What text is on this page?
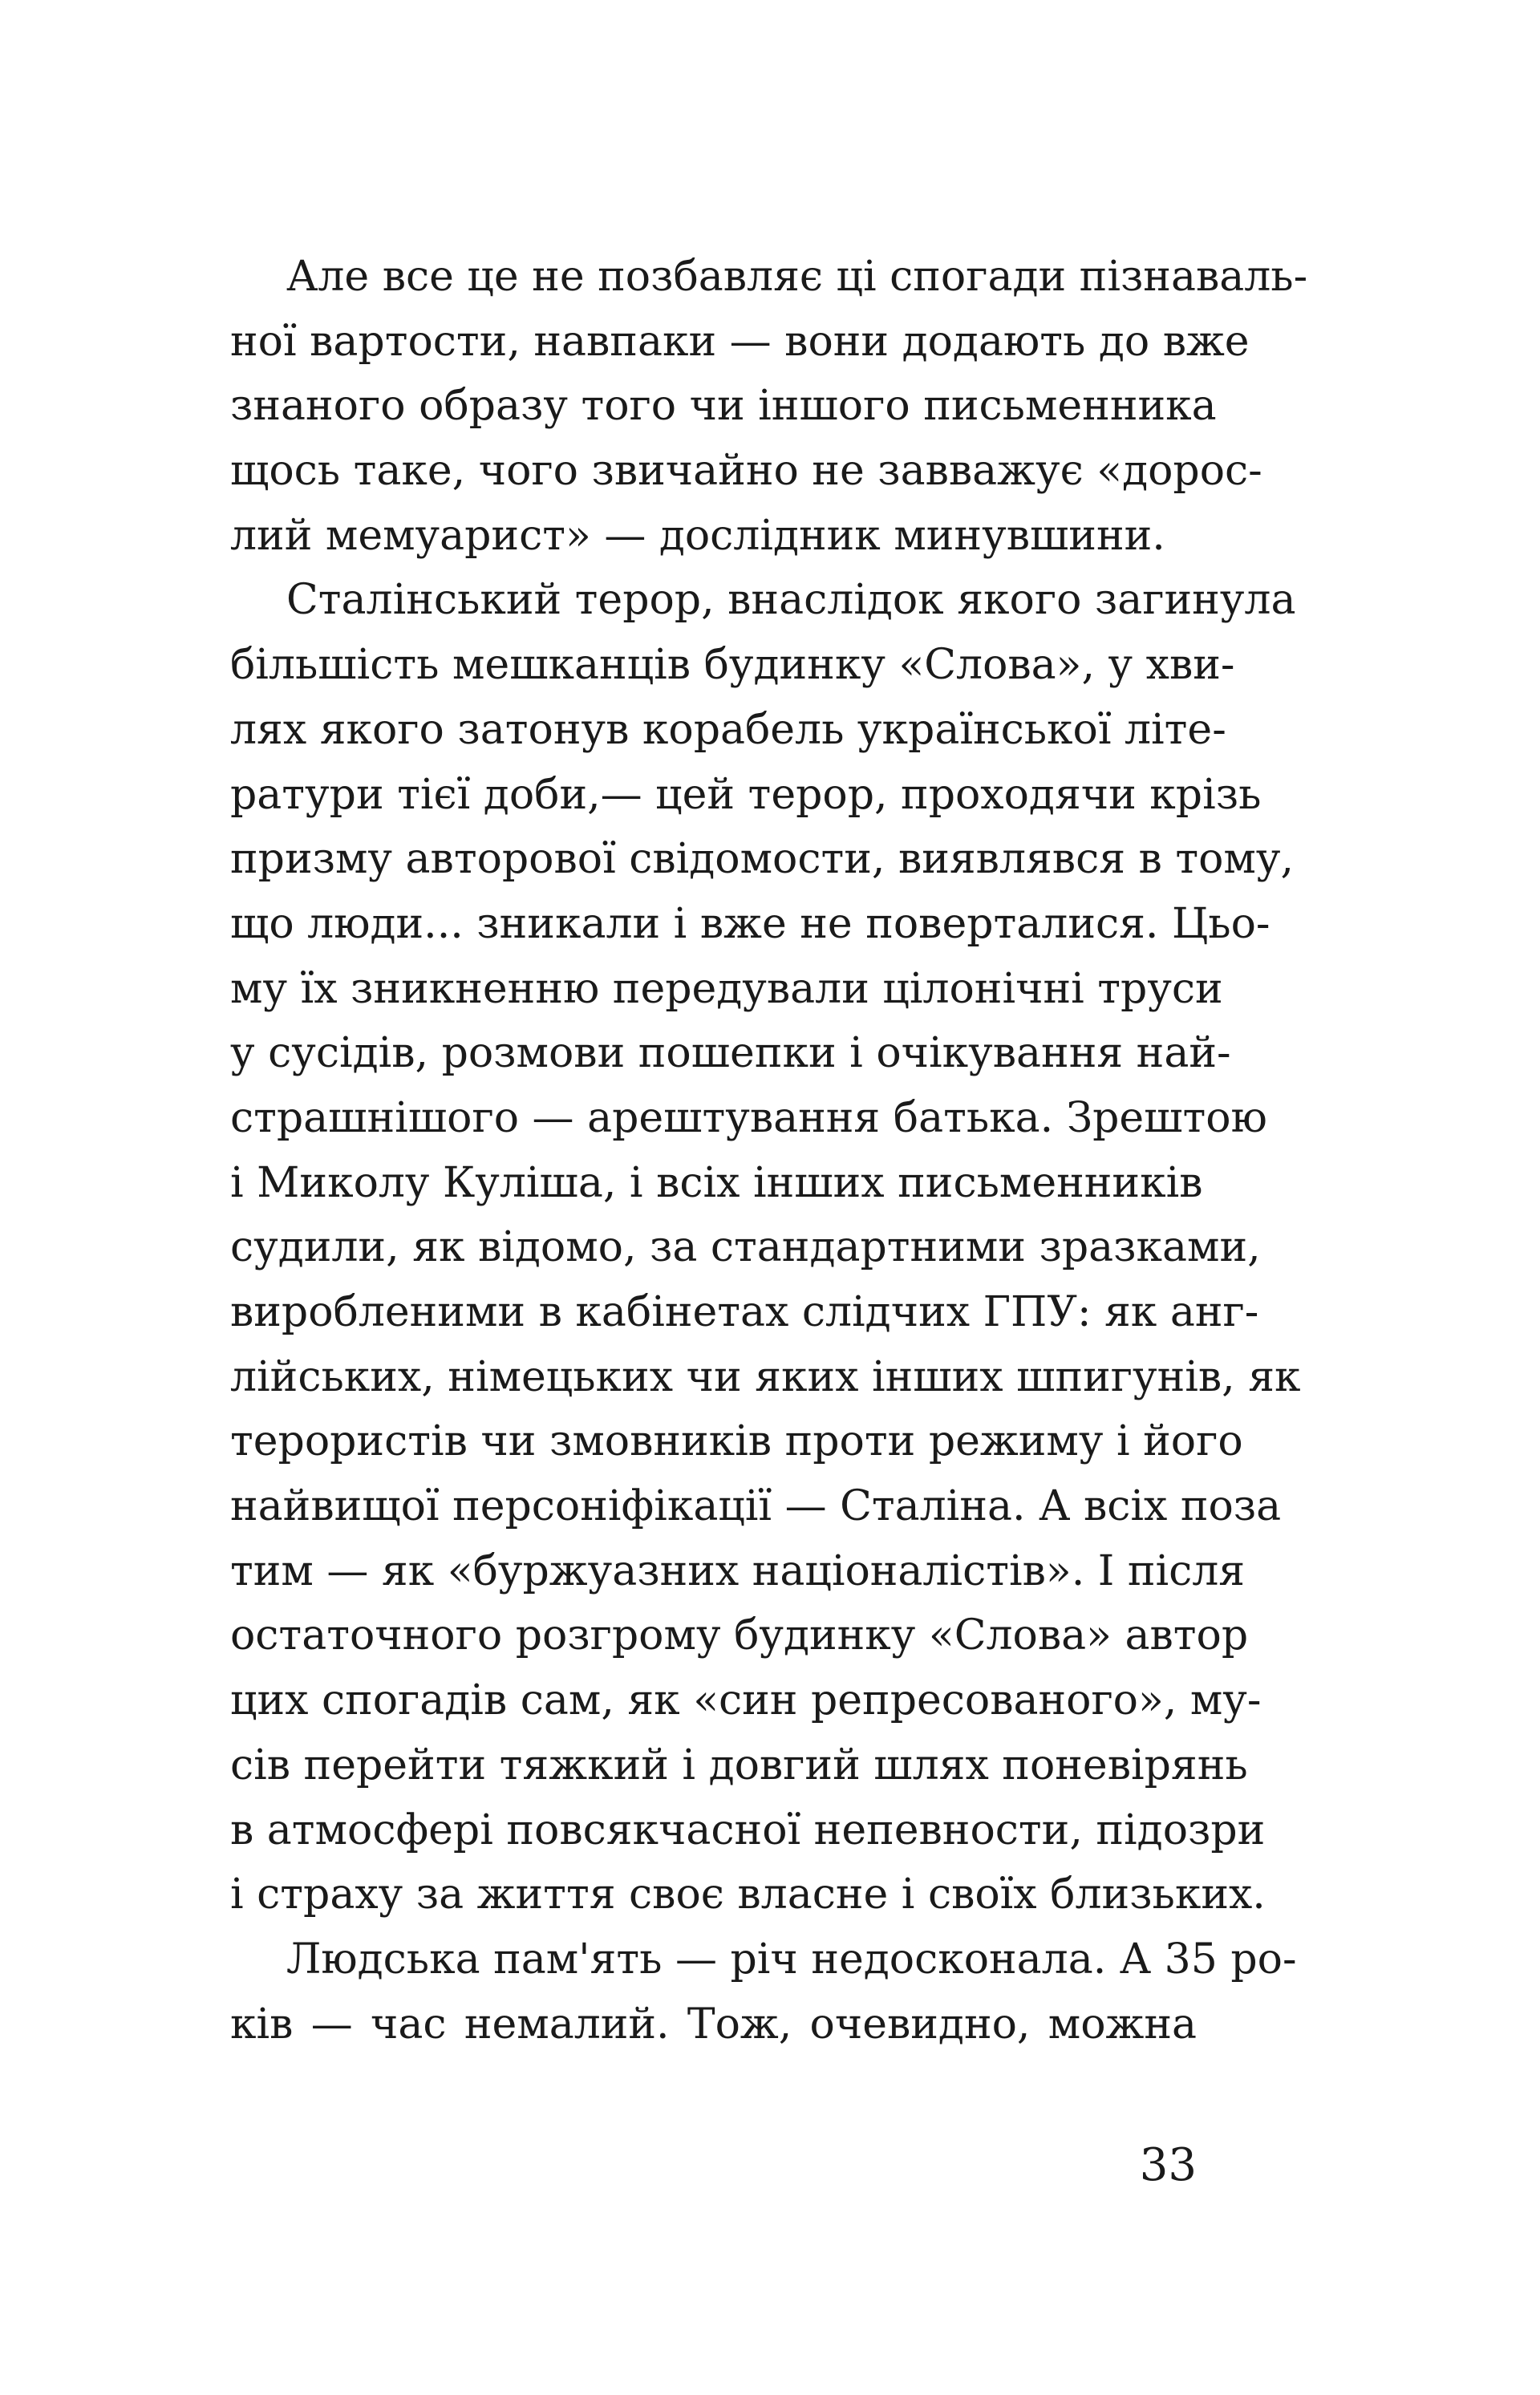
Але все це не позбавляє ці спогади пізнаваль-
ної вартости, навпаки — вони додають до вже
знаного образу того чи іншого письменника
щось таке, чого звичайно не завважує «дорос-
лий мемуарист» — дослідник минувшини.

Сталінський терор, внаслідок якого загинула
більшість мешканців будинку «Слова», у хви-
лях якого затонув корабель української літе-
ратури тієї доби,— цей терор, проходячи крізь
призму авторової свідомости, виявлявся в тому,
що люди... зникали і вже не поверталися. Цьо-
му їх зникненню передували цілонічні труси
у сусідів, розмови пошепки і очікування най-
страшнішого — арештування батька. Зрештою
і Миколу Куліша, і всіх інших письменників
судили, як відомо, за стандартними зразками,
виробленими в кабінетах слідчих ГПУ: як анг-
лійських, німецьких чи яких інших шпигунів, як
терористів чи змовників проти режиму і його
найвищої персоніфікації — Сталіна. А всіх поза
тим — як «буржуазних націоналістів». І після
остаточного розгрому будинку «Слова» автор
цих спогадів сам, як «син репресованого», му-
сів перейти тяжкий і довгий шлях поневірянь
в атмосфері повсякчасної непевности, підозри
і страху за життя своє власне і своїх близьких.

Людська пам'ять — річ недосконала. А 35 ро-
ків — час немалий. Тож, очевидно, можна

33
